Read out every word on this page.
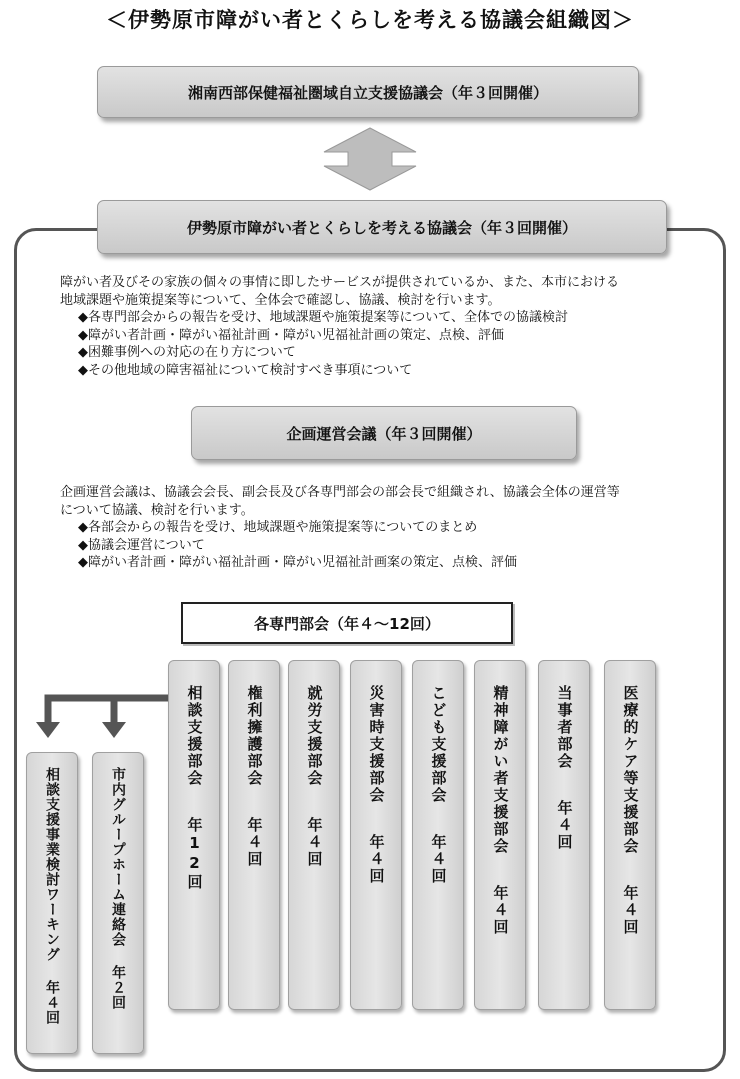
＜伊勢原市障がい者とくらしを考える協議会組織図＞
湘南西部保健福祉圏域自立支援協議会（年３回開催）
伊勢原市障がい者とくらしを考える協議会（年３回開催）

障がい者及びその家族の個々の事情に即したサービスが提供されているか、また、本市における

地域課題や施策提案等について、全体会で確認し、協議、検討を行います。

◆各専門部会からの報告を受け、地域課題や施策提案等について、全体での協議検討

◆障がい者計画・障がい福祉計画・障がい児福祉計画の策定、点検、評価

◆困難事例への対応の在り方について

◆その他地域の障害福祉について検討すべき事項について

企画運営会議（年３回開催）

企画運営会議は、協議会会長、副会長及び各専門部会の部会長で組織され、協議会全体の運営等

について協議、検討を行います。

◆各部会からの報告を受け、地域課題や施策提案等についてのまとめ

◆協議会運営について

◆障がい者計画・障がい福祉計画・障がい児福祉計画案の策定、点検、評価

各専門部会（年４～12回）
相談支援部会年12回
権利擁護部会年４回
就労支援部会年４回
災害時支援部会年４回
こども支援部会年４回
精神障がい者支援部会年４回
当事者部会年４回	医療的ケア等支援部会年４回
相談支援事業検討ワーキング年４回
市内グループホーム連絡会年２回
